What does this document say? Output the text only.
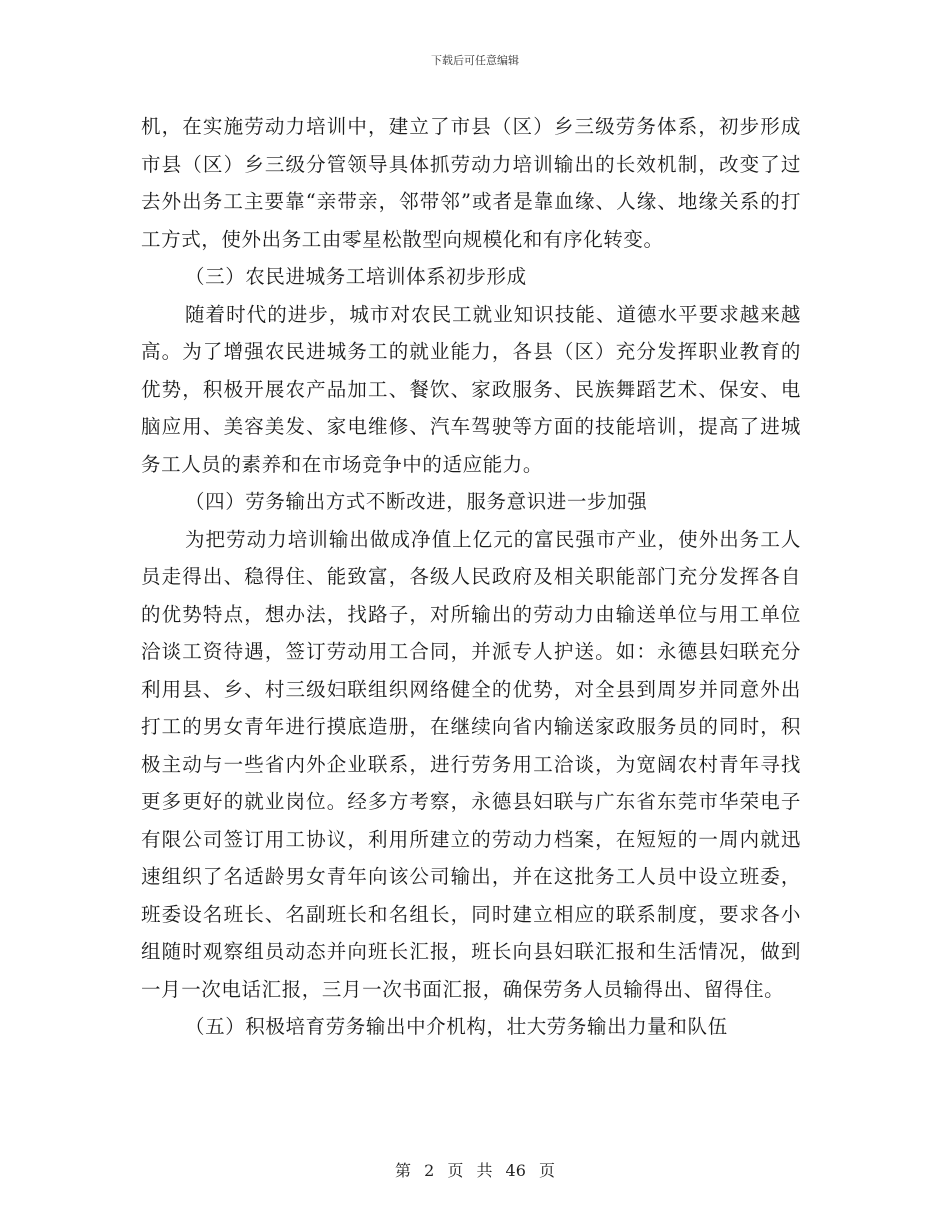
下载后可任意编辑

机，在实施劳动力培训中，建立了市县（区）乡三级劳务体系，初步形成市县（区）乡三级分管领导具体抓劳动力培训输出的长效机制，改变了过去外出务工主要靠“亲带亲，邻带邻”或者是靠血缘、人缘、地缘关系的打工方式，使外出务工由零星松散型向规模化和有序化转变。

（三）农民进城务工培训体系初步形成

随着时代的进步，城市对农民工就业知识技能、道德水平要求越来越高。为了增强农民进城务工的就业能力，各县（区）充分发挥职业教育的优势，积极开展农产品加工、餐饮、家政服务、民族舞蹈艺术、保安、电脑应用、美容美发、家电维修、汽车驾驶等方面的技能培训，提高了进城务工人员的素养和在市场竞争中的适应能力。

（四）劳务输出方式不断改进，服务意识进一步加强

为把劳动力培训输出做成净值上亿元的富民强市产业，使外出务工人员走得出、稳得住、能致富，各级人民政府及相关职能部门充分发挥各自的优势特点，想办法，找路子，对所输出的劳动力由输送单位与用工单位洽谈工资待遇，签订劳动用工合同，并派专人护送。如：永德县妇联充分利用县、乡、村三级妇联组织网络健全的优势，对全县到周岁并同意外出打工的男女青年进行摸底造册，在继续向省内输送家政服务员的同时，积极主动与一些省内外企业联系，进行劳务用工洽谈，为宽阔农村青年寻找更多更好的就业岗位。经多方考察，永德县妇联与广东省东莞市华荣电子有限公司签订用工协议，利用所建立的劳动力档案，在短短的一周内就迅速组织了名适龄男女青年向该公司输出，并在这批务工人员中设立班委，班委设名班长、名副班长和名组长，同时建立相应的联系制度，要求各小组随时观察组员动态并向班长汇报，班长向县妇联汇报和生活情况，做到一月一次电话汇报，三月一次书面汇报，确保劳务人员输得出、留得住。

（五）积极培育劳务输出中介机构，壮大劳务输出力量和队伍

第 2 页 共 46 页
